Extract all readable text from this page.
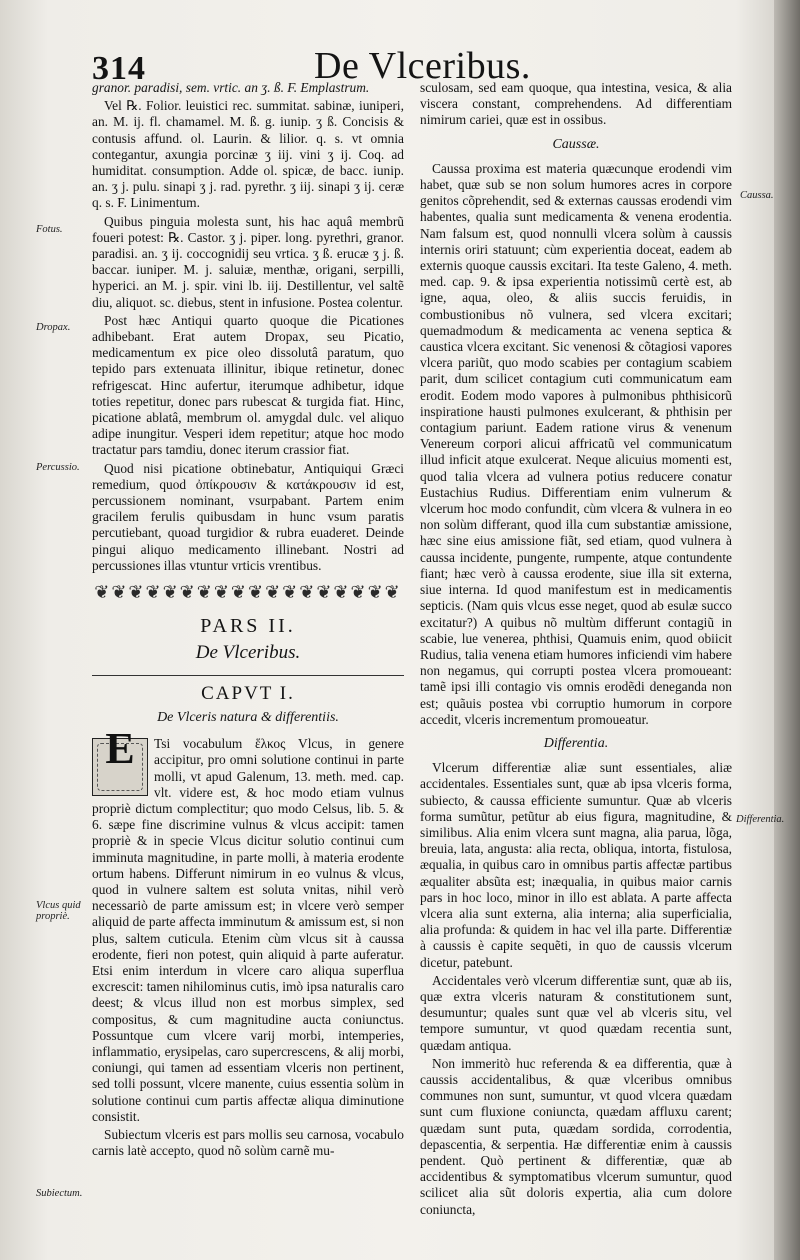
314	De Vlceribus.
Fotus.
Dropax.
Percussio.
Vlcus quid propriè.
Subiectum.
Caussa.
Differentia.

granor. paradisi, sem. vrtic. an ʒ. ß. F. Emplastrum.

Vel ℞. Folior. leuistici rec. summitat. sabinæ, iuniperi, an. M. ij. fl. chamamel. M. ß. g. iunip. ʒ ß. Concisis & contusis affund. ol. Laurin. & lilior. q. s. vt omnia contegantur, axungia porcinæ ʒ iij. vini ʒ ij. Coq. ad humiditat. consumption. Adde ol. spicæ, de bacc. iunip. an. ʒ j. pulu. sinapi ʒ j. rad. pyrethr. ʒ iij. sinapi ʒ ij. ceræ q. s. F. Linimentum.

Quibus pinguia molesta sunt, his hac aquâ membrũ foueri potest: ℞. Castor. ʒ j. piper. long. pyrethri, granor. paradisi. an. ʒ ij. coccognidij seu vrtica. ʒ ß. erucæ ʒ j. ß. baccar. iuniper. M. j. saluiæ, menthæ, origani, serpilli, hyperici. an M. j. spir. vini lb. iij. Destillentur, vel saltẽ diu, aliquot. sc. diebus, stent in infusione. Postea colentur.

Post hæc Antiqui quarto quoque die Picationes adhibebant. Erat autem Dropax, seu Picatio, medicamentum ex pice oleo dissolutâ paratum, quo tepido pars extenuata illinitur, ibique retinetur, donec refrigescat. Hinc aufertur, iterumque adhibetur, idque toties repetitur, donec pars rubescat & turgida fiat. Hinc, picatione ablatâ, membrum ol. amygdal dulc. vel aliquo adipe inungitur. Vesperi idem repetitur; atque hoc modo tractatur pars tamdiu, donec iterum crassior fiat.

Quod nisi picatione obtinebatur, Antiquiqui Græci remedium, quod ὀπίκρουσιν & κατάκρουσιν id est, percussionem nominant, vsurpabant. Partem enim gracilem ferulis quibusdam in hunc vsum paratis percutiebant, quoad turgidior & rubra euaderet. Deinde pingui aliquo medicamento illinebant. Nostri ad percussiones illas vtuntur vrticis vrentibus.

❦❦❦❦❦❦❦❦❦❦❦❦❦❦❦❦❦❦
PARS II.
De Vlceribus.
CAPVT I.
De Vlceris natura & differentiis.
E	Tsi vocabulum ἕλκος Vlcus, in genere accipitur, pro omni solutione continui in parte molli, vt apud Galenum, 13. meth. med. cap. vlt. videre est, & hoc modo etiam vulnus propriè dictum complectitur; quo modo Celsus, lib. 5. & 6. sæpe fine discrimine vulnus & vlcus accipit: tamen propriè & in specie Vlcus dicitur solutio continui cum imminuta magnitudine, in parte molli, à materia erodente ortum habens. Differunt nimirum in eo vulnus & vlcus, quod in vulnere saltem est soluta vnitas, nihil verò necessariò de parte amissum est; in vlcere verò semper aliquid de parte affecta imminutum & amissum est, si non plus, saltem cuticula. Etenim cùm vlcus sit à caussa erodente, fieri non potest, quin aliquid à parte auferatur. Etsi enim interdum in vlcere caro aliqua superflua excrescit: tamen nihilominus cutis, imò ipsa naturalis caro deest; & vlcus illud non est morbus simplex, sed compositus, & cum magnitudine aucta coniunctus. Possuntque cum vlcere varij morbi, intemperies, inflammatio, erysipelas, caro supercrescens, & alij morbi, coniungi, qui tamen ad essentiam vlceris non pertinent, sed tolli possunt, vlcere manente, cuius essentia solùm in solutione continui cum partis affectæ aliqua diminutione consistit.

Subiectum vlceris est pars mollis seu carnosa, vocabulo carnis latè accepto, quod nõ solùm carnẽ mu-

sculosam, sed eam quoque, qua intestina, vesica, & alia viscera constant, comprehendens. Ad differentiam nimirum cariei, quæ est in ossibus.

Caussæ.

Caussa proxima est materia quæcunque erodendi vim habet, quæ sub se non solum humores acres in corpore genitos cõprehendit, sed & externas caussas erodendi vim habentes, qualia sunt medicamenta & venena erodentia. Nam falsum est, quod nonnulli vlcera solùm à caussis internis oriri statuunt; cùm experientia doceat, eadem ab externis quoque caussis excitari. Ita teste Galeno, 4. meth. med. cap. 9. & ipsa experientia notissimũ certè est, ab igne, aqua, oleo, & aliis succis feruidis, in combustionibus nõ vulnera, sed vlcera excitari; quemadmodum & medicamenta ac venena septica & caustica vlcera excitant. Sic venenosi & cõtagiosi vapores vlcera pariũt, quo modo scabies per contagium scabiem parit, dum scilicet contagium cuti communicatum eam erodit. Eodem modo vapores à pulmonibus phthisicorũ inspiratione hausti pulmones exulcerant, & phthisin per contagium pariunt. Eadem ratione virus & venenum Venereum corpori alicui affricatũ vel communicatum illud inficit atque exulcerat. Neque alicuius momenti est, quod talia vlcera ad vulnera potius reducere conatur Eustachius Rudius. Differentiam enim vulnerum & vlcerum hoc modo confundit, cùm vlcera & vulnera in eo non solùm differant, quod illa cum substantiæ amissione, hæc sine eius amissione fiãt, sed etiam, quod vulnera à caussa incidente, pungente, rumpente, atque contundente fiant; hæc verò à caussa erodente, siue illa sit externa, siue interna. Id quod manifestum est in medicamentis septicis. (Nam quis vlcus esse neget, quod ab esulæ succo excitatur?) A quibus nõ multùm differunt contagiũ in scabie, lue venerea, phthisi, Quamuis enim, quod obiicit Rudius, talia venena etiam humores inficiendi vim habere non negamus, qui corrupti postea vlcera promoueant: tamẽ ipsi illi contagio vis omnis erodẽdi deneganda non est; quãuis postea vbi corruptio humorum in corpore accedit, vlceris incrementum promoueatur.

Differentia.

Vlcerum differentiæ aliæ sunt essentiales, aliæ accidentales. Essentiales sunt, quæ ab ipsa vlceris forma, subiecto, & caussa efficiente sumuntur. Quæ ab vlceris forma sumũtur, petũtur ab eius figura, magnitudine, & similibus. Alia enim vlcera sunt magna, alia parua, lõga, breuia, lata, angusta: alia recta, obliqua, intorta, fistulosa, æqualia, in quibus caro in omnibus partis affectæ partibus æqualiter absũta est; inæqualia, in quibus maior carnis pars in hoc loco, minor in illo est ablata. A parte affecta vlcera alia sunt externa, alia interna; alia superficialia, alia profunda: & quidem in hac vel illa parte. Differentiæ à caussis è capite sequẽti, in quo de caussis vlcerum dicetur, patebunt.

Accidentales verò vlcerum differentiæ sunt, quæ ab iis, quæ extra vlceris naturam & constitutionem sunt, desumuntur; quales sunt quæ vel ab vlceris situ, vel tempore sumuntur, vt quod quædam recentia sunt, quædam antiqua.

Non immeritò huc referenda & ea differentia, quæ à caussis accidentalibus, & quæ vlceribus omnibus communes non sunt, sumuntur, vt quod vlcera quædam sunt cum fluxione coniuncta, quædam affluxu carent; quædam sunt puta, quædam sordida, corrodentia, depascentia, & serpentia. Hæ differentiæ enim à caussis pendent. Quò pertinent & differentiæ, quæ ab accidentibus & symptomatibus vlcerum sumuntur, quod scilicet alia sũt doloris expertia, alia cum dolore coniuncta,
